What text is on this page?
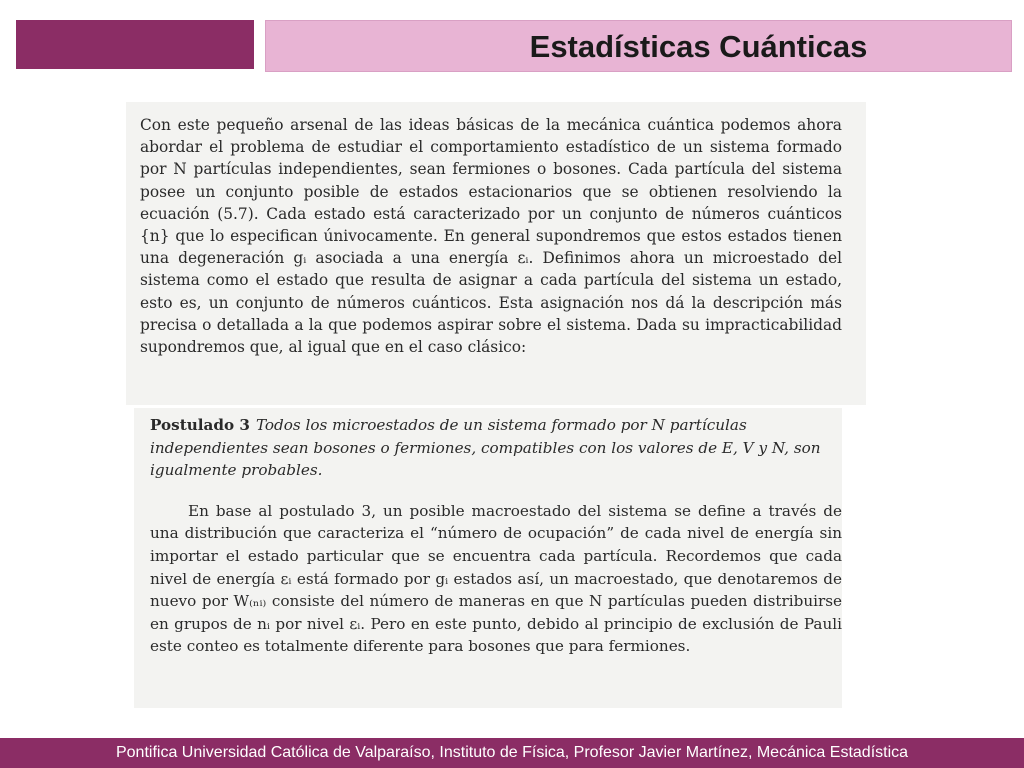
Estadísticas Cuánticas

Con este pequeño arsenal de las ideas básicas de la mecánica cuántica podemos ahora abordar el problema de estudiar el comportamiento estadístico de un sistema formado por N partículas independientes, sean fermiones o bosones. Cada partícula del sistema posee un conjunto posible de estados estacionarios que se obtienen resolviendo la ecuación (5.7). Cada estado está caracterizado por un conjunto de números cuánticos {n} que lo especifican únivocamente. En general supondremos que estos estados tienen una degeneración gᵢ asociada a una energía εᵢ. Definimos ahora un microestado del sistema como el estado que resulta de asignar a cada partícula del sistema un estado, esto es, un conjunto de números cuánticos. Esta asignación nos dá la descripción más precisa o detallada a la que podemos aspirar sobre el sistema. Dada su impracticabilidad supondremos que, al igual que en el caso clásico:

Postulado 3 Todos los microestados de un sistema formado por N partículas independientes sean bosones o fermiones, compatibles con los valores de E, V y N, son igualmente probables.

En base al postulado 3, un posible macroestado del sistema se define a través de una distribución que caracteriza el “número de ocupación” de cada nivel de energía sin importar el estado particular que se encuentra cada partícula. Recordemos que cada nivel de energía εᵢ está formado por gᵢ estados así, un macroestado, que denotaremos de nuevo por W₍ₙᵢ₎ consiste del número de maneras en que N partículas pueden distribuirse en grupos de nᵢ por nivel εᵢ. Pero en este punto, debido al principio de exclusión de Pauli este conteo es totalmente diferente para bosones que para fermiones.

Pontifica Universidad Católica de Valparaíso, Instituto de Física, Profesor Javier Martínez, Mecánica Estadística
